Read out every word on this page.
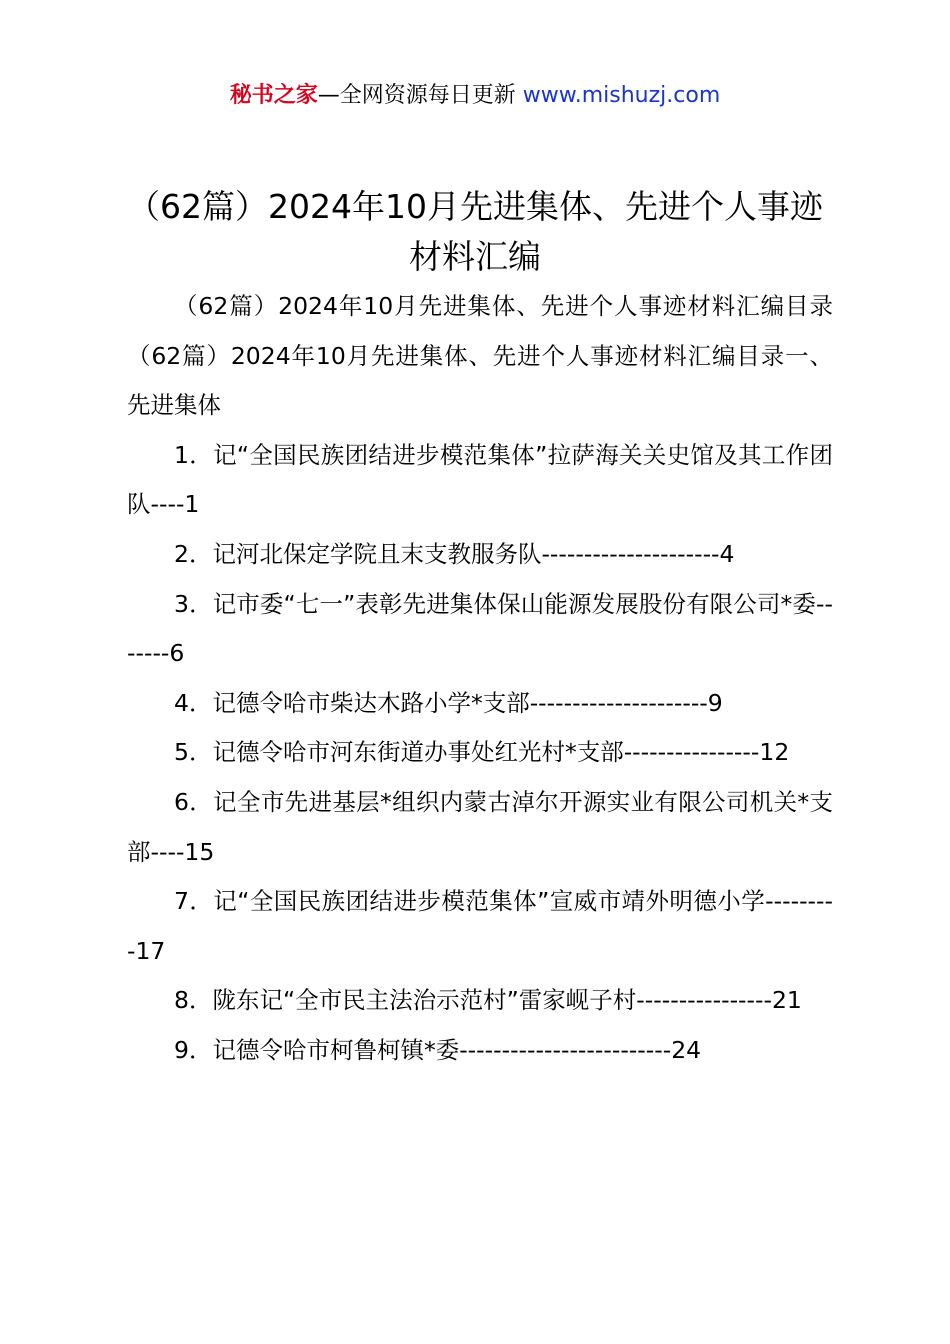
秘书之家—全网资源每日更新 www.mishuzj.com
（62篇）2024年10月先进集体、先进个人事迹材料汇编

（62篇）2024年10月先进集体、先进个人事迹材料汇编目录（62篇）2024年10月先进集体、先进个人事迹材料汇编目录一、先进集体

1．记“全国民族团结进步模范集体”拉萨海关关史馆及其工作团队----1

2．记河北保定学院且末支教服务队---------------------4

3．记市委“七一”表彰先进集体保山能源发展股份有限公司*委-------6

4．记德令哈市柴达木路小学*支部---------------------9

5．记德令哈市河东街道办事处红光村*支部----------------12

6．记全市先进基层*组织内蒙古淖尔开源实业有限公司机关*支部----15

7．记“全国民族团结进步模范集体”宣威市靖外明德小学---------17

8．陇东记“全市民主法治示范村”雷家岘子村----------------21

9．记德令哈市柯鲁柯镇*委-------------------------24
